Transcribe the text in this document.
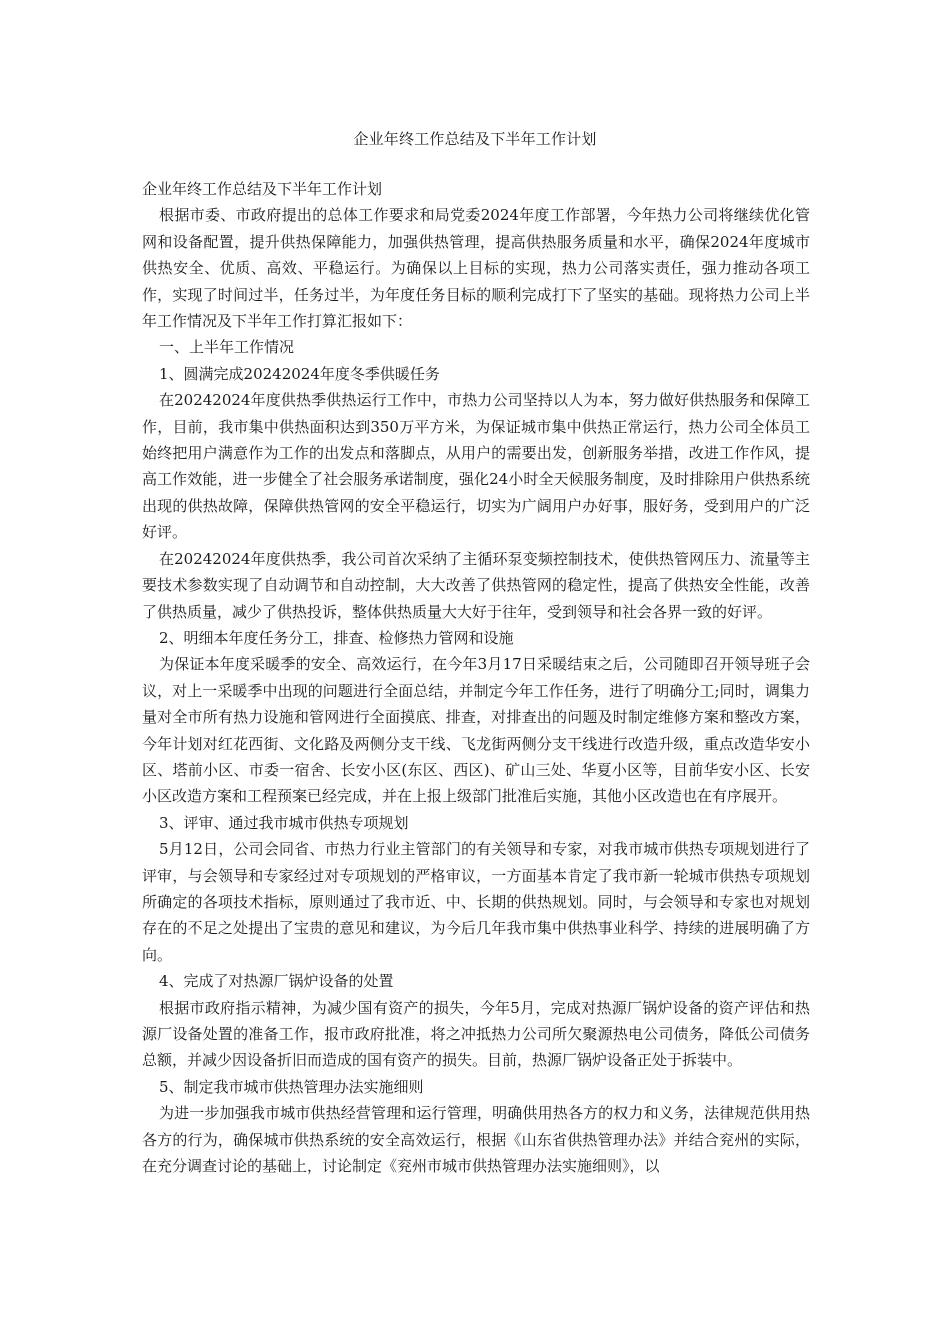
企业年终工作总结及下半年工作计划

企业年终工作总结及下半年工作计划

根据市委、市政府提出的总体工作要求和局党委2024年度工作部署，今年热力公司将继续优化管网和设备配置，提升供热保障能力，加强供热管理，提高供热服务质量和水平，确保2024年度城市供热安全、优质、高效、平稳运行。为确保以上目标的实现，热力公司落实责任，强力推动各项工作，实现了时间过半，任务过半，为年度任务目标的顺利完成打下了坚实的基础。现将热力公司上半年工作情况及下半年工作打算汇报如下：

一、上半年工作情况

1、圆满完成20242024年度冬季供暖任务

在20242024年度供热季供热运行工作中，市热力公司坚持以人为本，努力做好供热服务和保障工作，目前，我市集中供热面积达到350万平方米，为保证城市集中供热正常运行，热力公司全体员工始终把用户满意作为工作的出发点和落脚点，从用户的需要出发，创新服务举措，改进工作作风，提高工作效能，进一步健全了社会服务承诺制度，强化24小时全天候服务制度，及时排除用户供热系统出现的供热故障，保障供热管网的安全平稳运行，切实为广阔用户办好事，服好务，受到用户的广泛好评。

在20242024年度供热季，我公司首次采纳了主循环泵变频控制技术，使供热管网压力、流量等主要技术参数实现了自动调节和自动控制，大大改善了供热管网的稳定性，提高了供热安全性能，改善了供热质量，减少了供热投诉，整体供热质量大大好于往年，受到领导和社会各界一致的好评。

2、明细本年度任务分工，排查、检修热力管网和设施

为保证本年度采暖季的安全、高效运行，在今年3月17日采暖结束之后，公司随即召开领导班子会议，对上一采暖季中出现的问题进行全面总结，并制定今年工作任务，进行了明确分工;同时，调集力量对全市所有热力设施和管网进行全面摸底、排查，对排查出的问题及时制定维修方案和整改方案，今年计划对红花西街、文化路及两侧分支干线、飞龙街两侧分支干线进行改造升级，重点改造华安小区、塔前小区、市委一宿舍、长安小区(东区、西区)、矿山三处、华夏小区等，目前华安小区、长安小区改造方案和工程预案已经完成，并在上报上级部门批准后实施，其他小区改造也在有序展开。

3、评审、通过我市城市供热专项规划

5月12日，公司会同省、市热力行业主管部门的有关领导和专家，对我市城市供热专项规划进行了评审，与会领导和专家经过对专项规划的严格审议，一方面基本肯定了我市新一轮城市供热专项规划所确定的各项技术指标，原则通过了我市近、中、长期的供热规划。同时，与会领导和专家也对规划存在的不足之处提出了宝贵的意见和建议，为今后几年我市集中供热事业科学、持续的进展明确了方向。

4、完成了对热源厂锅炉设备的处置

根据市政府指示精神，为减少国有资产的损失，今年5月，完成对热源厂锅炉设备的资产评估和热源厂设备处置的准备工作，报市政府批准，将之冲抵热力公司所欠聚源热电公司债务，降低公司债务总额，并减少因设备折旧而造成的国有资产的损失。目前，热源厂锅炉设备正处于拆装中。

5、制定我市城市供热管理办法实施细则

为进一步加强我市城市供热经营管理和运行管理，明确供用热各方的权力和义务，法律规范供用热各方的行为，确保城市供热系统的安全高效运行，根据《山东省供热管理办法》并结合兖州的实际，在充分调查讨论的基础上，讨论制定《兖州市城市供热管理办法实施细则》，以
